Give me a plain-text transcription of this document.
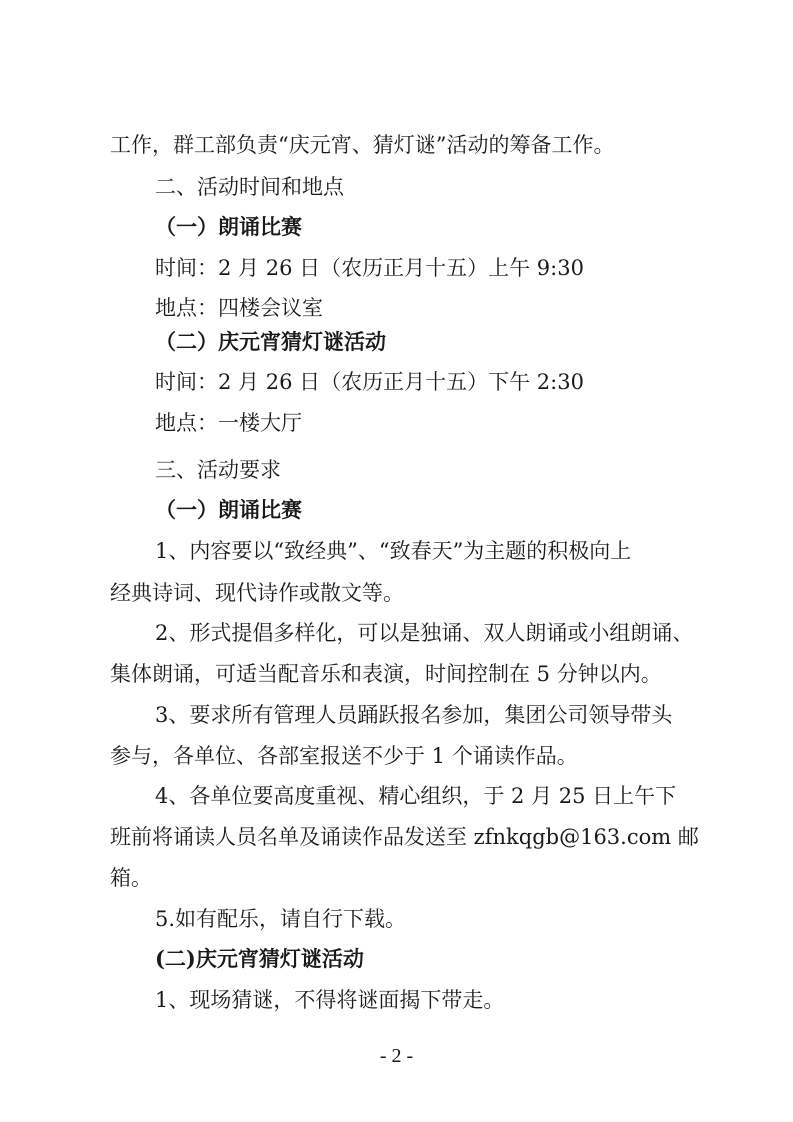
工作，群工部负责“庆元宵、猜灯谜”活动的筹备工作。
二、活动时间和地点
（一）朗诵比赛
时间：2 月 26 日（农历正月十五）上午 9:30
地点：四楼会议室
（二）庆元宵猜灯谜活动
时间：2 月 26 日（农历正月十五）下午 2:30
地点：一楼大厅
三、活动要求
（一）朗诵比赛
1、内容要以“致经典”、“致春天”为主题的积极向上
经典诗词、现代诗作或散文等。
2、形式提倡多样化，可以是独诵、双人朗诵或小组朗诵、
集体朗诵，可适当配音乐和表演，时间控制在 5 分钟以内。
3、要求所有管理人员踊跃报名参加，集团公司领导带头
参与，各单位、各部室报送不少于 1 个诵读作品。
4、各单位要高度重视、精心组织，于 2 月 25 日上午下
班前将诵读人员名单及诵读作品发送至 zfnkqgb@163.com 邮
箱。
5.如有配乐，请自行下载。
(二)庆元宵猜灯谜活动
1、现场猜谜，不得将谜面揭下带走。
- 2 -
